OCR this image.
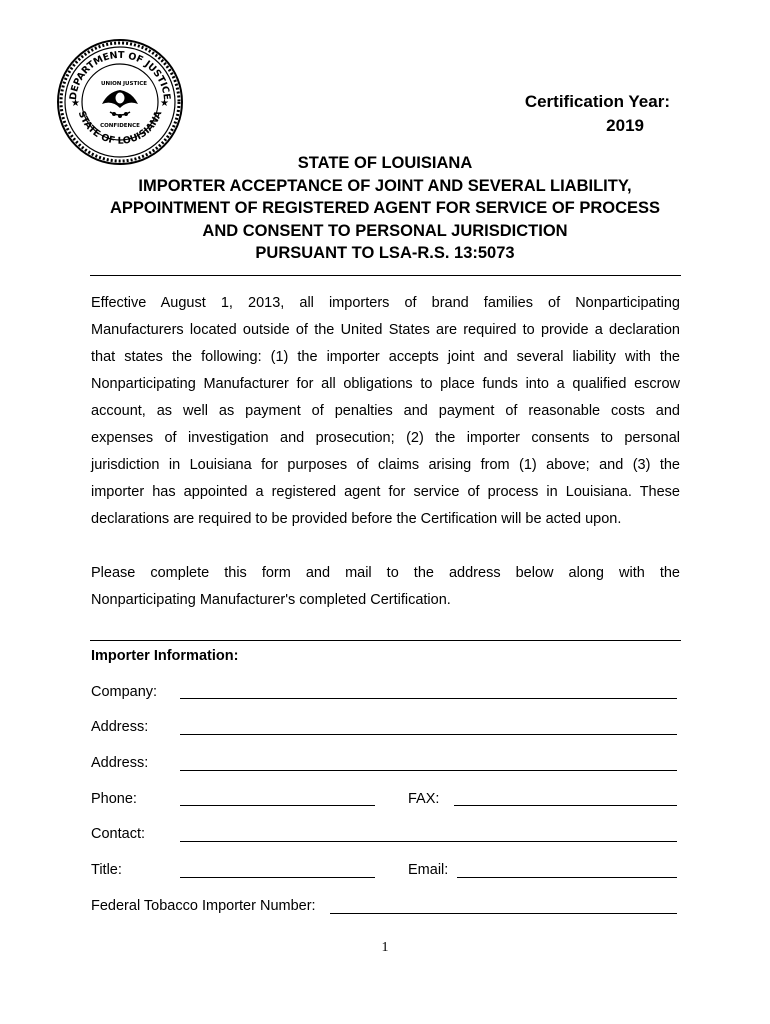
DEPARTMENT OF JUSTICE
STATE OF LOUISIANA
★	★
UNION JUSTICE
CONFIDENCE
Certification Year:
2019
STATE OF LOUISIANA
IMPORTER ACCEPTANCE OF JOINT AND SEVERAL LIABILITY,
APPOINTMENT OF REGISTERED AGENT FOR SERVICE OF PROCESS
AND CONSENT TO PERSONAL JURISDICTION
PURSUANT TO LSA-R.S. 13:5073
Effective August 1, 2013, all importers of brand families of Nonparticipating
Manufacturers located outside of the United States are required to provide a declaration
that states the following: (1) the importer accepts joint and several liability with the
Nonparticipating Manufacturer for all obligations to place funds into a qualified escrow
account, as well as payment of penalties and payment of reasonable costs and
expenses of investigation and prosecution; (2) the importer consents to personal
jurisdiction in Louisiana for purposes of claims arising from (1) above; and (3) the
importer has appointed a registered agent for service of process in Louisiana. These
declarations are required to be provided before the Certification will be acted upon.
Please complete this form and mail to the address below along with the
Nonparticipating Manufacturer's completed Certification.
Importer Information:
Company:
Address:
Address:
Phone:	FAX:
Contact:
Title:	Email:
Federal Tobacco Importer Number:
1
